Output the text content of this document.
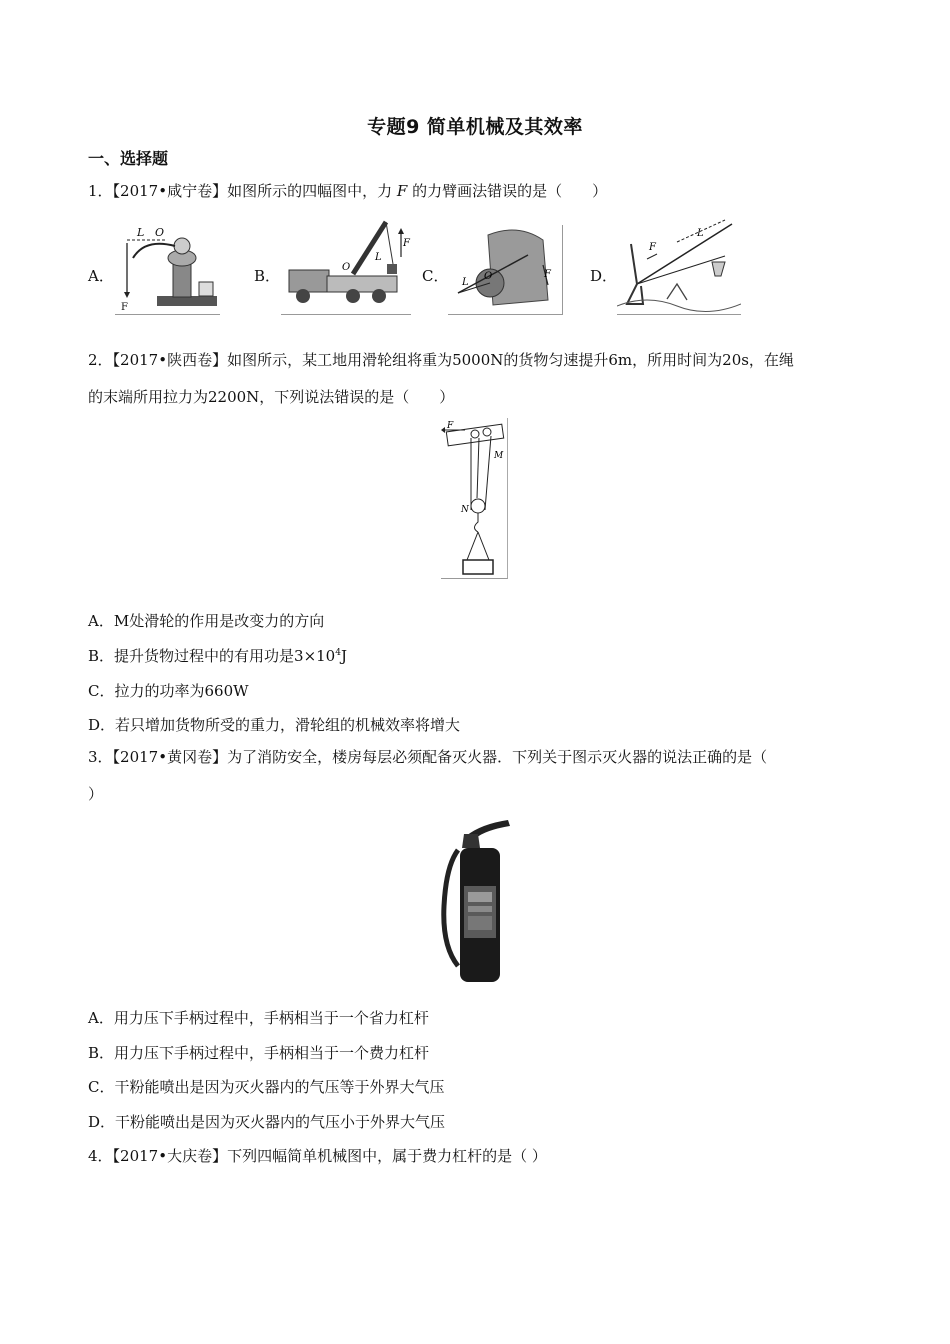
专题9 简单机械及其效率
一、选择题
1．【2017•咸宁卷】如图所示的四幅图中，力 F 的力臂画法错误的是（　　）
A．	B．	C．	D．
L O
F
O
F
L
O	F
L
F
L
2．【2017•陕西卷】如图所示，某工地用滑轮组将重为5000N的货物匀速提升6m，所用时间为20s，在绳
的末端所用拉力为2200N，下列说法错误的是（　　）
F
M
N
A．M处滑轮的作用是改变力的方向
B．提升货物过程中的有用功是$3\times 10^4J$
C．拉力的功率为660W
D．若只增加货物所受的重力，滑轮组的机械效率将增大
3．【2017•黄冈卷】为了消防安全，楼房每层必须配备灭火器．下列关于图示灭火器的说法正确的是（
）
A．用力压下手柄过程中，手柄相当于一个省力杠杆
B．用力压下手柄过程中，手柄相当于一个费力杠杆
C．干粉能喷出是因为灭火器内的气压等于外界大气压
D．干粉能喷出是因为灭火器内的气压小于外界大气压
4．【2017•大庆卷】下列四幅简单机械图中，属于费力杠杆的是（ ）
